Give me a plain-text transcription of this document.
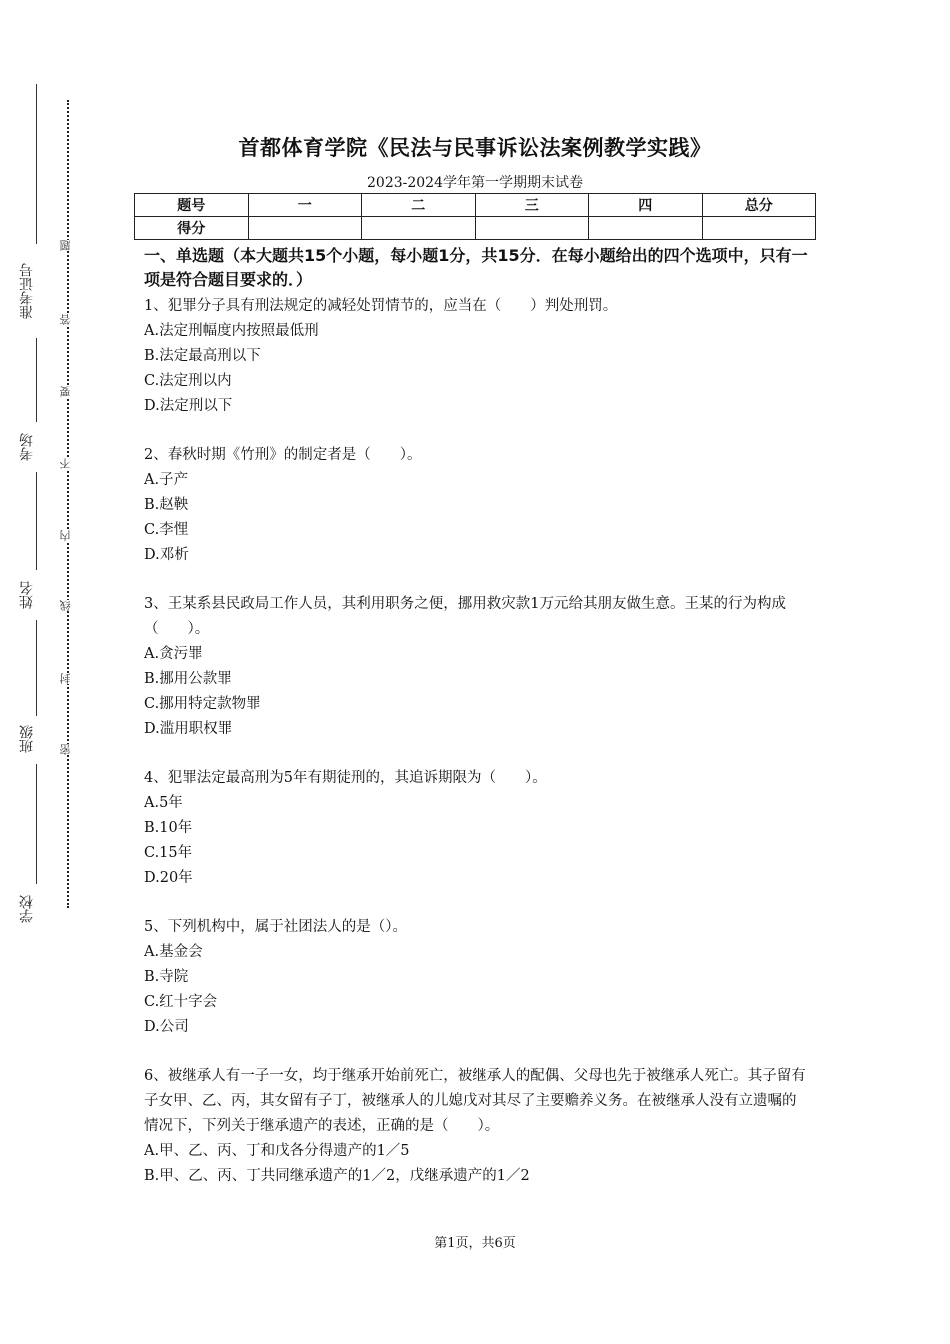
准考证号
考场
姓名
班级
学校
题
答
要
不
内
线
封
密
首都体育学院《民法与民事诉讼法案例教学实践》
2023-2024学年第一学期期末试卷
题号	一	二	三	四	总分
得分					
一、单选题（本大题共15个小题，每小题1分，共15分．在每小题给出的四个选项中，只有一项是符合题目要求的．）

1、犯罪分子具有刑法规定的减轻处罚情节的，应当在（　　）判处刑罚。

A.法定刑幅度内按照最低刑

B.法定最高刑以下

C.法定刑以内

D.法定刑以下

2、春秋时期《竹刑》的制定者是（　　）。

A.子产

B.赵鞅

C.李悝

D.邓析

3、王某系县民政局工作人员，其利用职务之便，挪用救灾款1万元给其朋友做生意。王某的行为构成（　　）。

A.贪污罪

B.挪用公款罪

C.挪用特定款物罪

D.滥用职权罪

4、犯罪法定最高刑为5年有期徒刑的，其追诉期限为（　　）。

A.5年

B.10年

C.15年

D.20年

5、下列机构中，属于社团法人的是（）。

A.基金会

B.寺院

C.红十字会

D.公司

6、被继承人有一子一女，均于继承开始前死亡，被继承人的配偶、父母也先于被继承人死亡。其子留有子女甲、乙、丙，其女留有子丁，被继承人的儿媳戊对其尽了主要赡养义务。在被继承人没有立遗嘱的情况下，下列关于继承遗产的表述，正确的是（　　）。

A.甲、乙、丙、丁和戊各分得遗产的1／5

B.甲、乙、丙、丁共同继承遗产的1／2，戊继承遗产的1／2

第1页，共6页
